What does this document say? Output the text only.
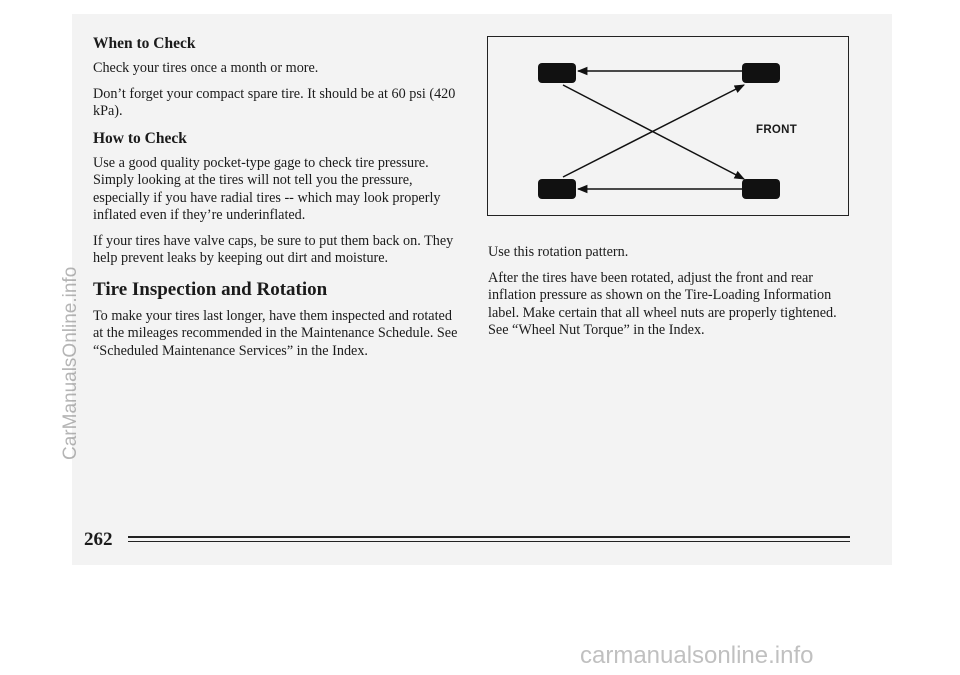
When to Check

Check your tires once a month or more.

Don’t forget your compact spare tire. It should be at 60 psi (420 kPa).

How to Check

Use a good quality pocket-type gage to check tire pressure. Simply looking at the tires will not tell you the pressure, especially if you have radial tires -- which may look properly inflated even if they’re underinflated.

If your tires have valve caps, be sure to put them back on. They help prevent leaks by keeping out dirt and moisture.

Tire Inspection and Rotation

To make your tires last longer, have them inspected and rotated at the mileages recommended in the Maintenance Schedule. See “Scheduled Maintenance Services” in the Index.

FRONT

Use this rotation pattern.

After the tires have been rotated, adjust the front and rear inflation pressure as shown on the Tire-Loading Information label. Make certain that all wheel nuts are properly tightened. See “Wheel Nut Torque” in the Index.

262
CarManualsOnline.info
carmanualsonline.info
